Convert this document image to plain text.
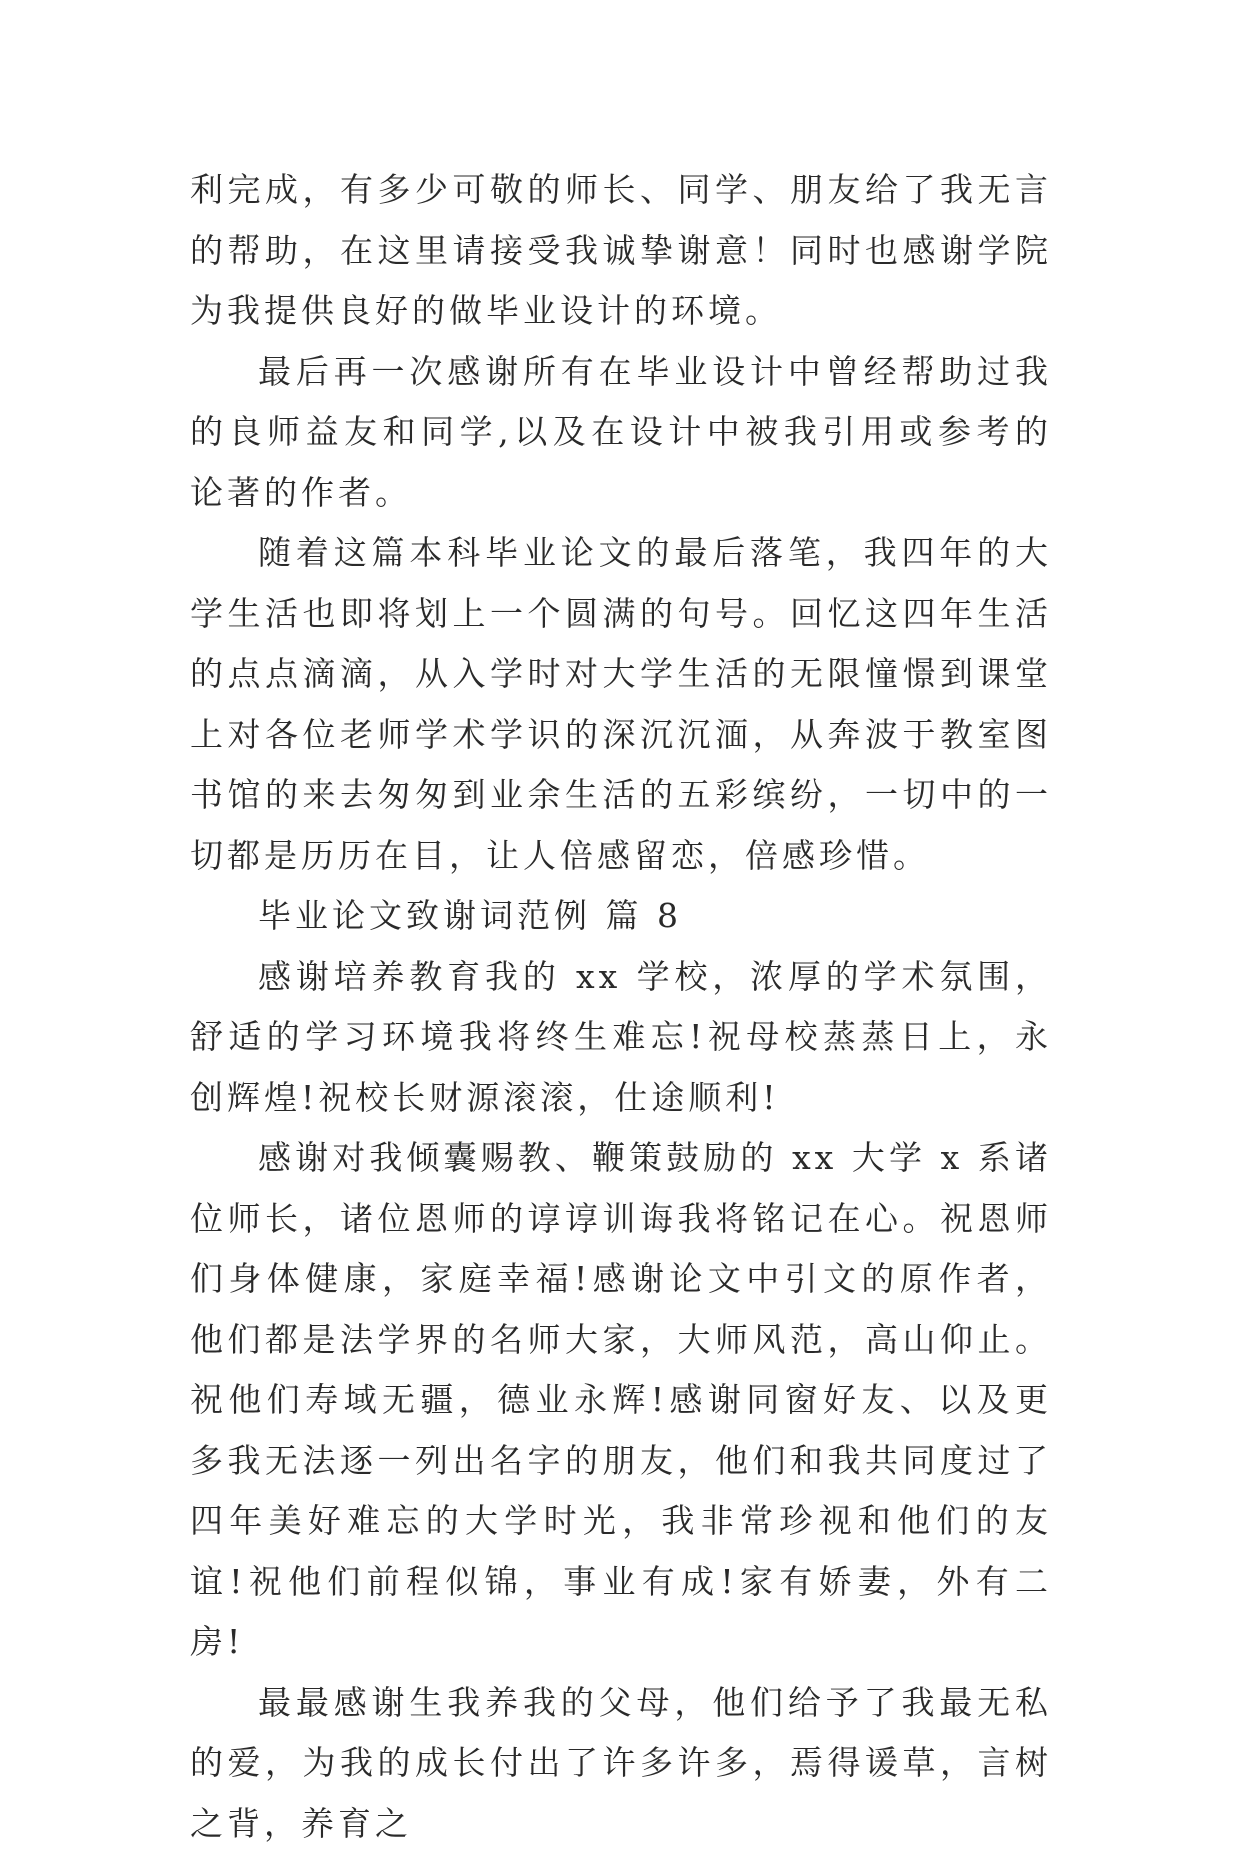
利完成，有多少可敬的师长、同学、朋友给了我无言的帮助，在这里请接受我诚挚谢意！同时也感谢学院为我提供良好的做毕业设计的环境。

最后再一次感谢所有在毕业设计中曾经帮助过我的良师益友和同学,以及在设计中被我引用或参考的论著的作者。

随着这篇本科毕业论文的最后落笔，我四年的大学生活也即将划上一个圆满的句号。回忆这四年生活的点点滴滴，从入学时对大学生活的无限憧憬到课堂上对各位老师学术学识的深沉沉湎，从奔波于教室图书馆的来去匆匆到业余生活的五彩缤纷，一切中的一切都是历历在目，让人倍感留恋，倍感珍惜。

毕业论文致谢词范例 篇 8

感谢培养教育我的 xx 学校，浓厚的学术氛围，舒适的学习环境我将终生难忘!祝母校蒸蒸日上，永创辉煌!祝校长财源滚滚，仕途顺利!

感谢对我倾囊赐教、鞭策鼓励的 xx 大学 x 系诸位师长，诸位恩师的谆谆训诲我将铭记在心。祝恩师们身体健康，家庭幸福!感谢论文中引文的原作者，他们都是法学界的名师大家，大师风范，高山仰止。祝他们寿域无疆，德业永辉!感谢同窗好友、以及更多我无法逐一列出名字的朋友，他们和我共同度过了四年美好难忘的大学时光，我非常珍视和他们的友谊!祝他们前程似锦，事业有成!家有娇妻，外有二房!

最最感谢生我养我的父母，他们给予了我最无私的爱，为我的成长付出了许多许多，焉得谖草，言树之背，养育之
